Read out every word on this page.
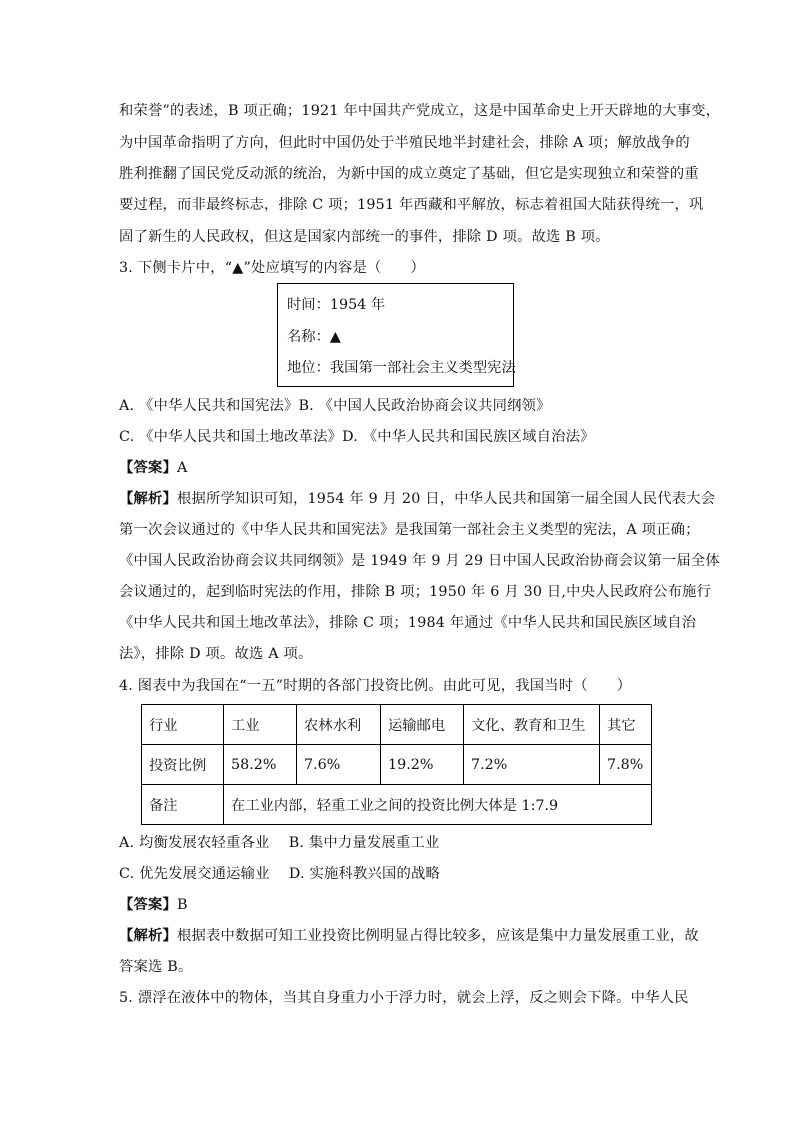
和荣誉”的表述，B 项正确；1921 年中国共产党成立，这是中国革命史上开天辟地的大事变，
为中国革命指明了方向，但此时中国仍处于半殖民地半封建社会，排除 A 项；解放战争的
胜利推翻了国民党反动派的统治，为新中国的成立奠定了基础，但它是实现独立和荣誉的重
要过程，而非最终标志，排除 C 项；1951 年西藏和平解放，标志着祖国大陆获得统一，巩
固了新生的人民政权，但这是国家内部统一的事件，排除 D 项。故选 B 项。
3. 下侧卡片中，“▲”处应填写的内容是（　　）
时间：1954 年
名称：▲
地位：我国第一部社会主义类型宪法
A. 《中华人民共和国宪法》B. 《中国人民政治协商会议共同纲领》
C. 《中华人民共和国土地改革法》D. 《中华人民共和国民族区域自治法》
【答案】A
【解析】根据所学知识可知，1954 年 9 月 20 日，中华人民共和国第一届全国人民代表大会
第一次会议通过的《中华人民共和国宪法》是我国第一部社会主义类型的宪法，A 项正确；
《中国人民政治协商会议共同纲领》是 1949 年 9 月 29 日中国人民政治协商会议第一届全体
会议通过的，起到临时宪法的作用，排除 B 项；1950 年 6 月 30 日,中央人民政府公布施行
《中华人民共和国土地改革法》，排除 C 项；1984 年通过《中华人民共和国民族区域自治
法》，排除 D 项。故选 A 项。
4. 图表中为我国在“一五”时期的各部门投资比例。由此可见，我国当时（　　）
行业	工业	农林水利	运输邮电	文化、教育和卫生	其它
投资比例	58.2%	7.6%	19.2%	7.2%	7.8%
备注	在工业内部，轻重工业之间的投资比例大体是 1:7.9				
A. 均衡发展农轻重各业　 B. 集中力量发展重工业
C. 优先发展交通运输业　 D. 实施科教兴国的战略
【答案】B
【解析】根据表中数据可知工业投资比例明显占得比较多，应该是集中力量发展重工业，故
答案选 B。
5. 漂浮在液体中的物体，当其自身重力小于浮力时，就会上浮，反之则会下降。中华人民
